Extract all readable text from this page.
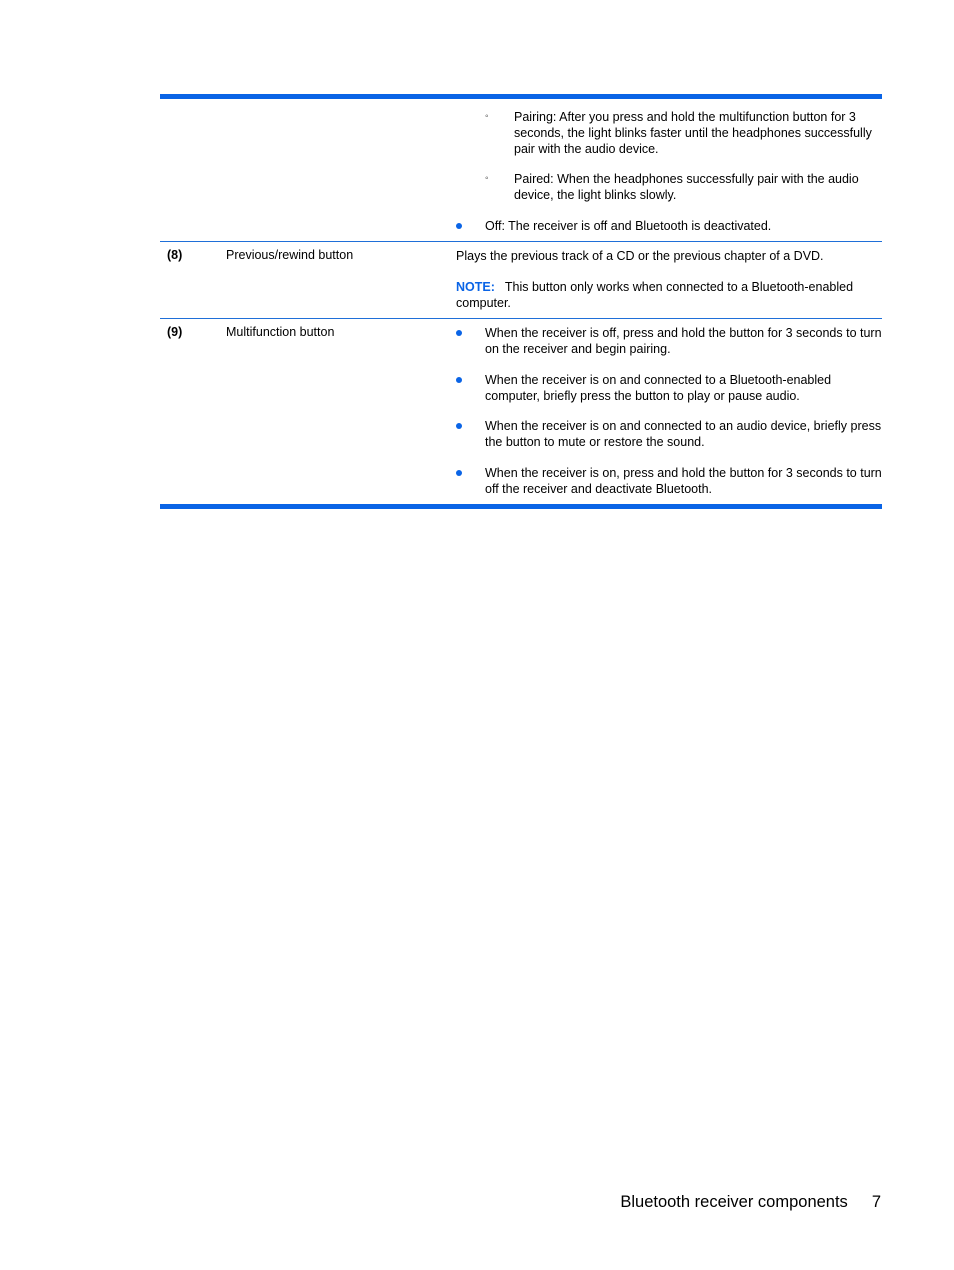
◦ Pairing: After you press and hold the multifunction button for 3 seconds, the light blinks faster until the headphones successfully pair with the audio device.
◦ Paired: When the headphones successfully pair with the audio device, the light blinks slowly.
Off: The receiver is off and Bluetooth is deactivated.
(8)	Previous/rewind button	Plays the previous track of a CD or the previous chapter of a DVD.

NOTE: This button only works when connected to a Bluetooth-enabled computer.

(9)	Multifunction button	When the receiver is off, press and hold the button for 3 seconds to turn on the receiver and begin pairing.
When the receiver is on and connected to a Bluetooth-enabled computer, briefly press the button to play or pause audio.
When the receiver is on and connected to an audio device, briefly press the button to mute or restore the sound.
When the receiver is on, press and hold the button for 3 seconds to turn off the receiver and deactivate Bluetooth.
Bluetooth receiver components 7
